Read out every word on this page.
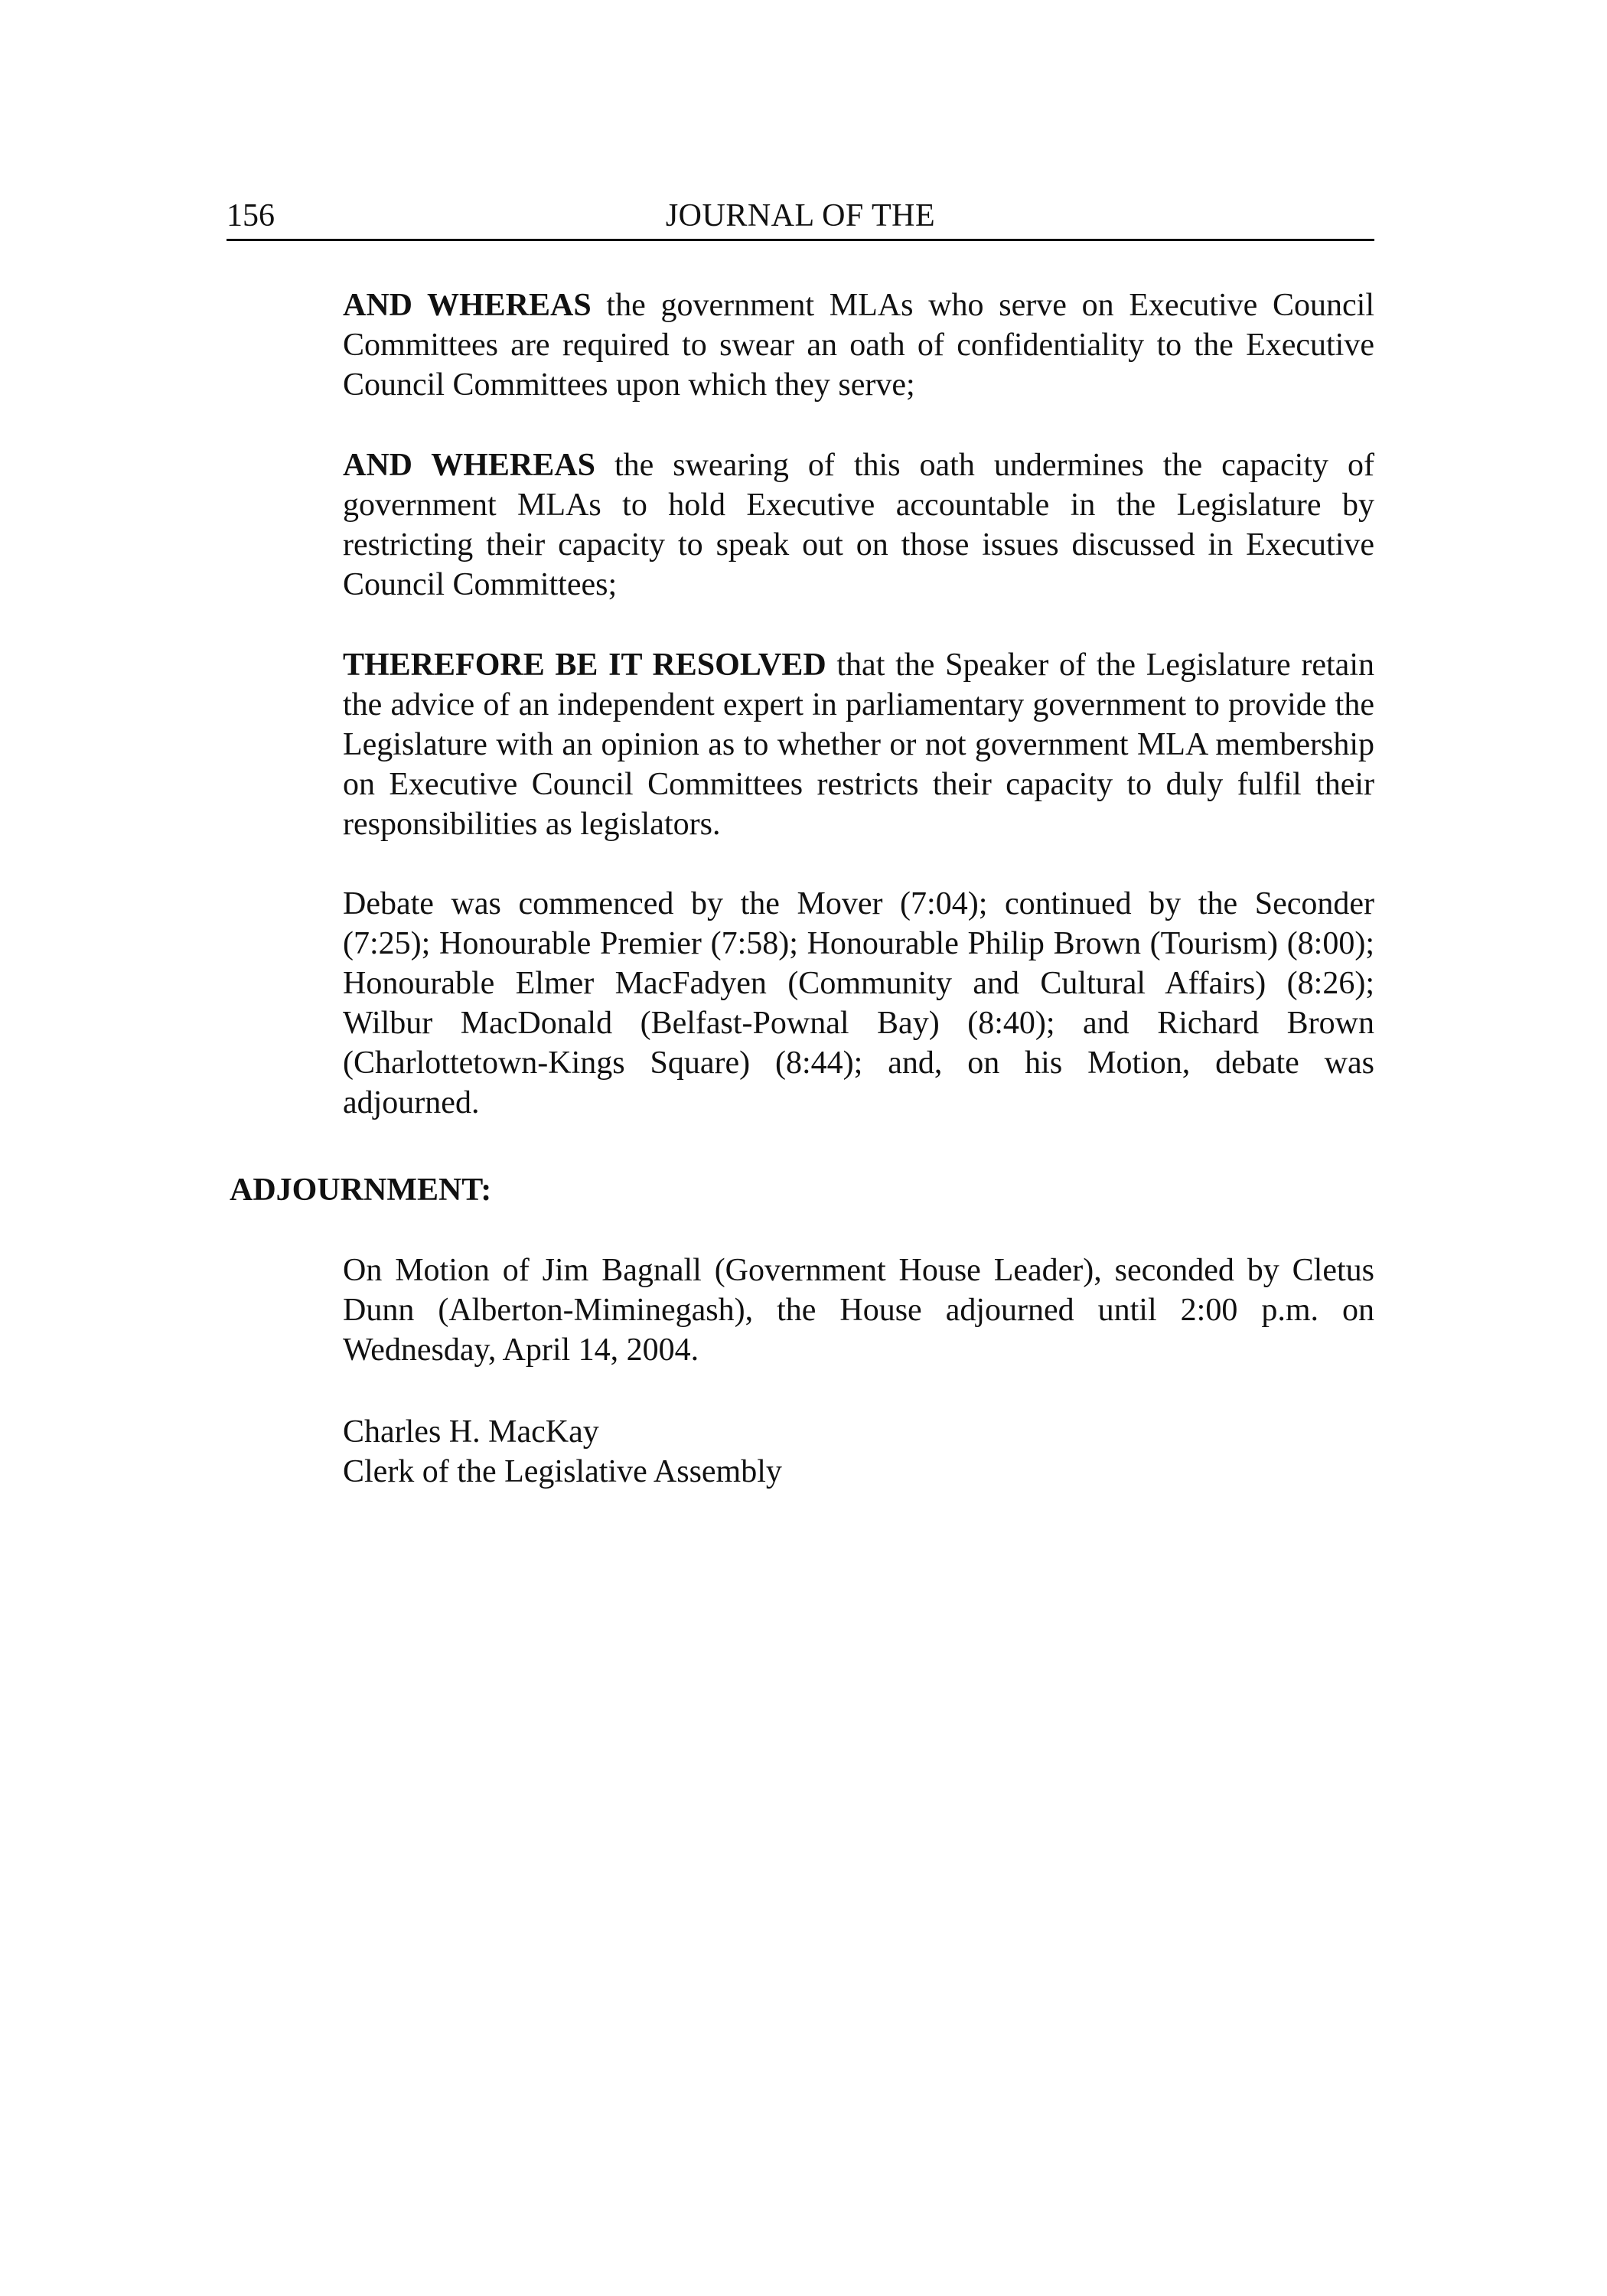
156	JOURNAL OF THE

AND WHEREAS the government MLAs who serve on Executive Council Committees are required to swear an oath of confidentiality to the Executive Council Committees upon which they serve;

AND WHEREAS the swearing of this oath undermines the capacity of government MLAs to hold Executive accountable in the Legislature by restricting their capacity to speak out on those issues discussed in Executive Council Committees;

THEREFORE BE IT RESOLVED that the Speaker of the Legislature retain the advice of an independent expert in parliamentary government to provide the Legislature with an opinion as to whether or not government MLA membership on Executive Council Committees restricts their capacity to duly fulfil their responsibilities as legislators.

Debate was commenced by the Mover (7:04); continued by the Seconder (7:25); Honourable Premier (7:58); Honourable Philip Brown (Tourism) (8:00); Honourable Elmer MacFadyen (Community and Cultural Affairs) (8:26); Wilbur MacDonald (Belfast-Pownal Bay) (8:40); and Richard Brown (Charlottetown-Kings Square) (8:44); and, on his Motion, debate was adjourned.

ADJOURNMENT:

On Motion of Jim Bagnall (Government House Leader), seconded by Cletus Dunn (Alberton-Miminegash), the House adjourned until 2:00 p.m. on Wednesday, April 14, 2004.

Charles H. MacKay
Clerk of the Legislative Assembly
